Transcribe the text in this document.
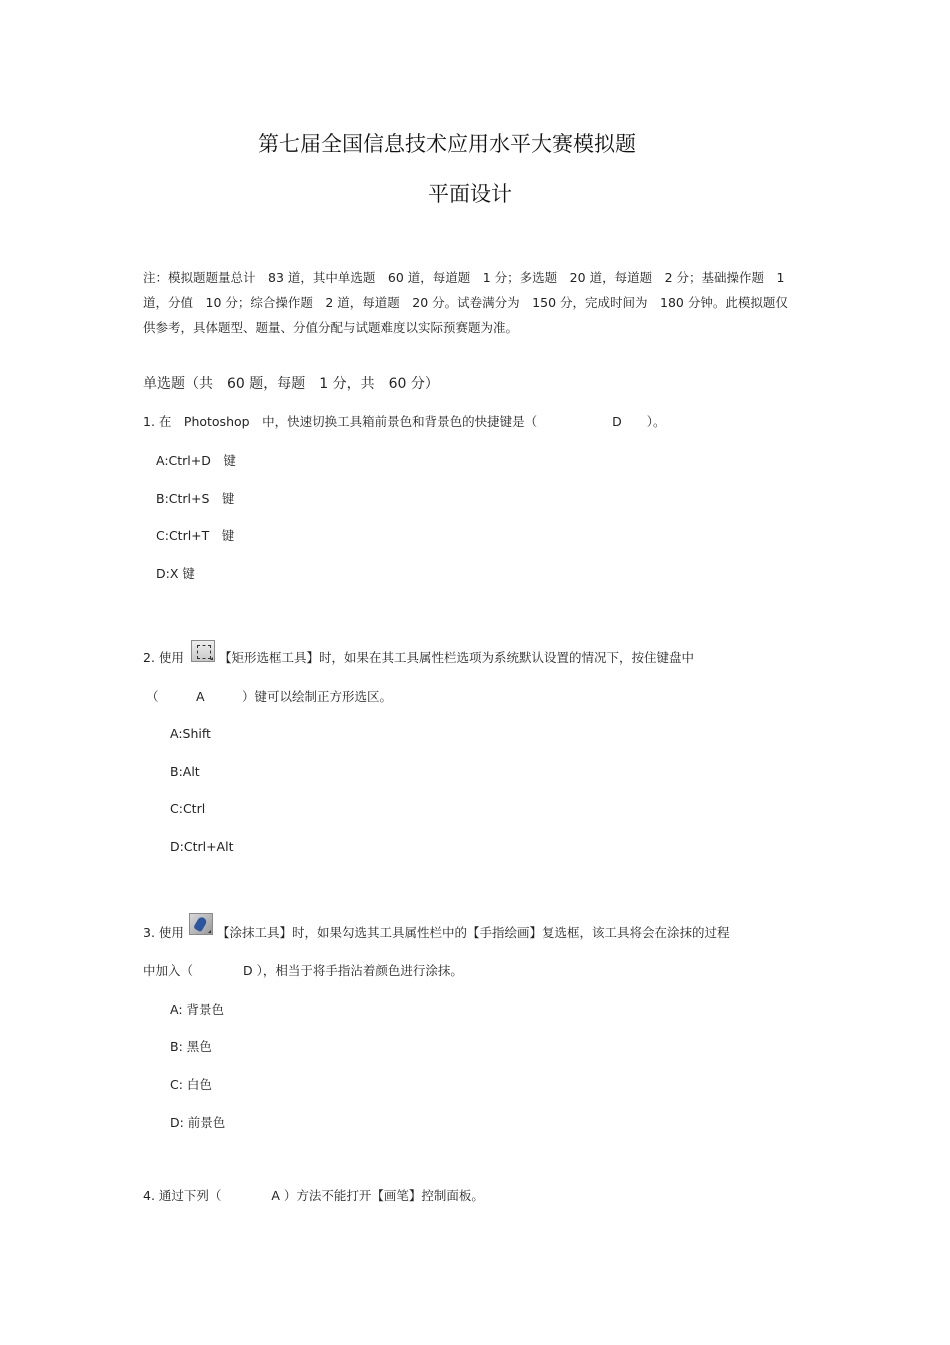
第七届全国信息技术应用水平大赛模拟题
平面设计
注：模拟题题量总计　83 道，其中单选题　60 道，每道题　1 分；多选题　20 道，每道题　2 分；基础操作题　1
道，分值　10 分；综合操作题　2 道，每道题　20 分。试卷满分为　150 分，完成时间为　180 分钟。此模拟题仅
供参考，具体题型、题量、分值分配与试题难度以实际预赛题为准。
单选题（共　60 题，每题　1 分，共　60 分）
1. 在　Photoshop　中，快速切换工具箱前景色和背景色的快捷键是（　　　　　　D　　）。
A:Ctrl+D　键
B:Ctrl+S　键
C:Ctrl+T　键
D:X 键
2. 使用	【矩形选框工具】时，如果在其工具属性栏选项为系统默认设置的情况下，按住键盘中
（　　　A　　　）键可以绘制正方形选区。
A:Shift
B:Alt
C:Ctrl
D:Ctrl+Alt
3. 使用	【涂抹工具】时，如果勾选其工具属性栏中的【手指绘画】复选框，该工具将会在涂抹的过程
中加入（　　　　D ），相当于将手指沾着颜色进行涂抹。
A: 背景色
B: 黑色
C: 白色
D: 前景色
4. 通过下列（　　　　A ）方法不能打开【画笔】控制面板。
